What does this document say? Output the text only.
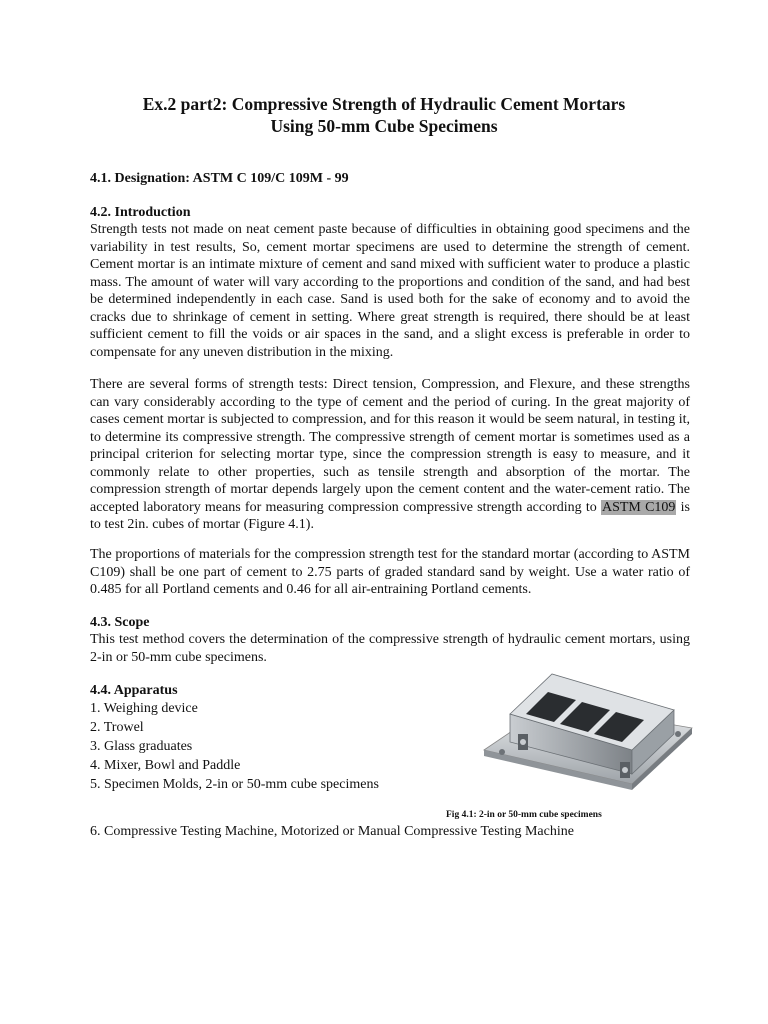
Ex.2 part2: Compressive Strength of Hydraulic Cement Mortars
Using 50-mm Cube Specimens
4.1. Designation: ASTM C 109/C 109M - 99
4.2. Introduction
Strength tests not made on neat cement paste because of difficulties in obtaining good specimens and the variability in test results, So, cement mortar specimens are used to determine the strength of cement. Cement mortar is an intimate mixture of cement and sand mixed with sufficient water to produce a plastic mass. The amount of water will vary according to the proportions and condition of the sand, and had best be determined independently in each case. Sand is used both for the sake of economy and to avoid the cracks due to shrinkage of cement in setting. Where great strength is required, there should be at least sufficient cement to fill the voids or air spaces in the sand, and a slight excess is preferable in order to compensate for any uneven distribution in the mixing.
There are several forms of strength tests: Direct tension, Compression, and Flexure, and these strengths can vary considerably according to the type of cement and the period of curing. In the great majority of cases cement mortar is subjected to compression, and for this reason it would be seem natural, in testing it, to determine its compressive strength. The compressive strength of cement mortar is sometimes used as a principal criterion for selecting mortar type, since the compression strength is easy to measure, and it commonly relate to other properties, such as tensile strength and absorption of the mortar. The compression strength of mortar depends largely upon the cement content and the water-cement ratio. The accepted laboratory means for measuring compression compressive strength according to ASTM C109 is to test 2in. cubes of mortar (Figure 4.1).
The proportions of materials for the compression strength test for the standard mortar (according to ASTM C109) shall be one part of cement to 2.75 parts of graded standard sand by weight. Use a water ratio of 0.485 for all Portland cements and 0.46 for all air-entraining Portland cements.
4.3. Scope
This test method covers the determination of the compressive strength of hydraulic cement mortars, using 2-in or 50-mm cube specimens.
4.4. Apparatus
1. Weighing device
2. Trowel
3. Glass graduates
4. Mixer, Bowl and Paddle
5. Specimen Molds, 2-in or 50-mm cube specimens
Fig 4.1: 2-in or 50-mm cube specimens
6. Compressive Testing Machine, Motorized or Manual Compressive Testing Machine
